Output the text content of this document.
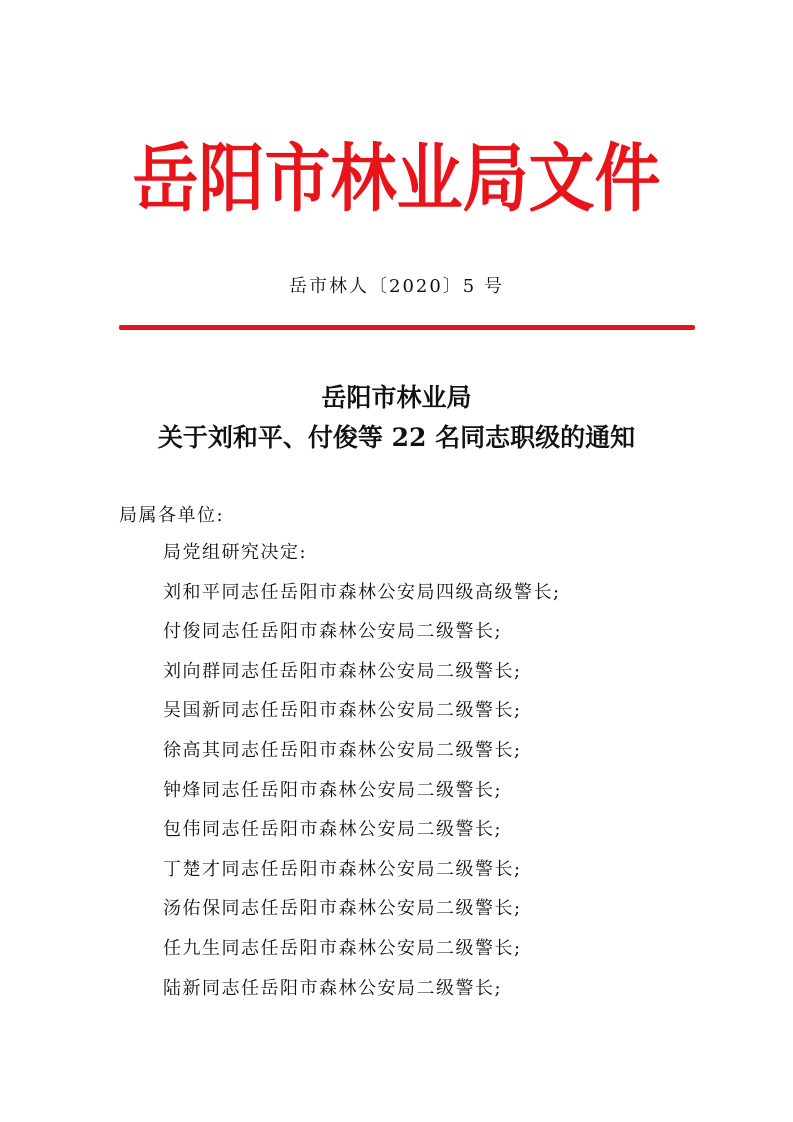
岳阳市林业局文件
岳市林人〔2020〕5 号
岳阳市林业局
关于刘和平、付俊等 22 名同志职级的通知
局属各单位:
局党组研究决定:
刘和平同志任岳阳市森林公安局四级高级警长;
付俊同志任岳阳市森林公安局二级警长;
刘向群同志任岳阳市森林公安局二级警长;
吴国新同志任岳阳市森林公安局二级警长;
徐高其同志任岳阳市森林公安局二级警长;
钟烽同志任岳阳市森林公安局二级警长;
包伟同志任岳阳市森林公安局二级警长;
丁楚才同志任岳阳市森林公安局二级警长;
汤佑保同志任岳阳市森林公安局二级警长;
任九生同志任岳阳市森林公安局二级警长;
陆新同志任岳阳市森林公安局二级警长;
